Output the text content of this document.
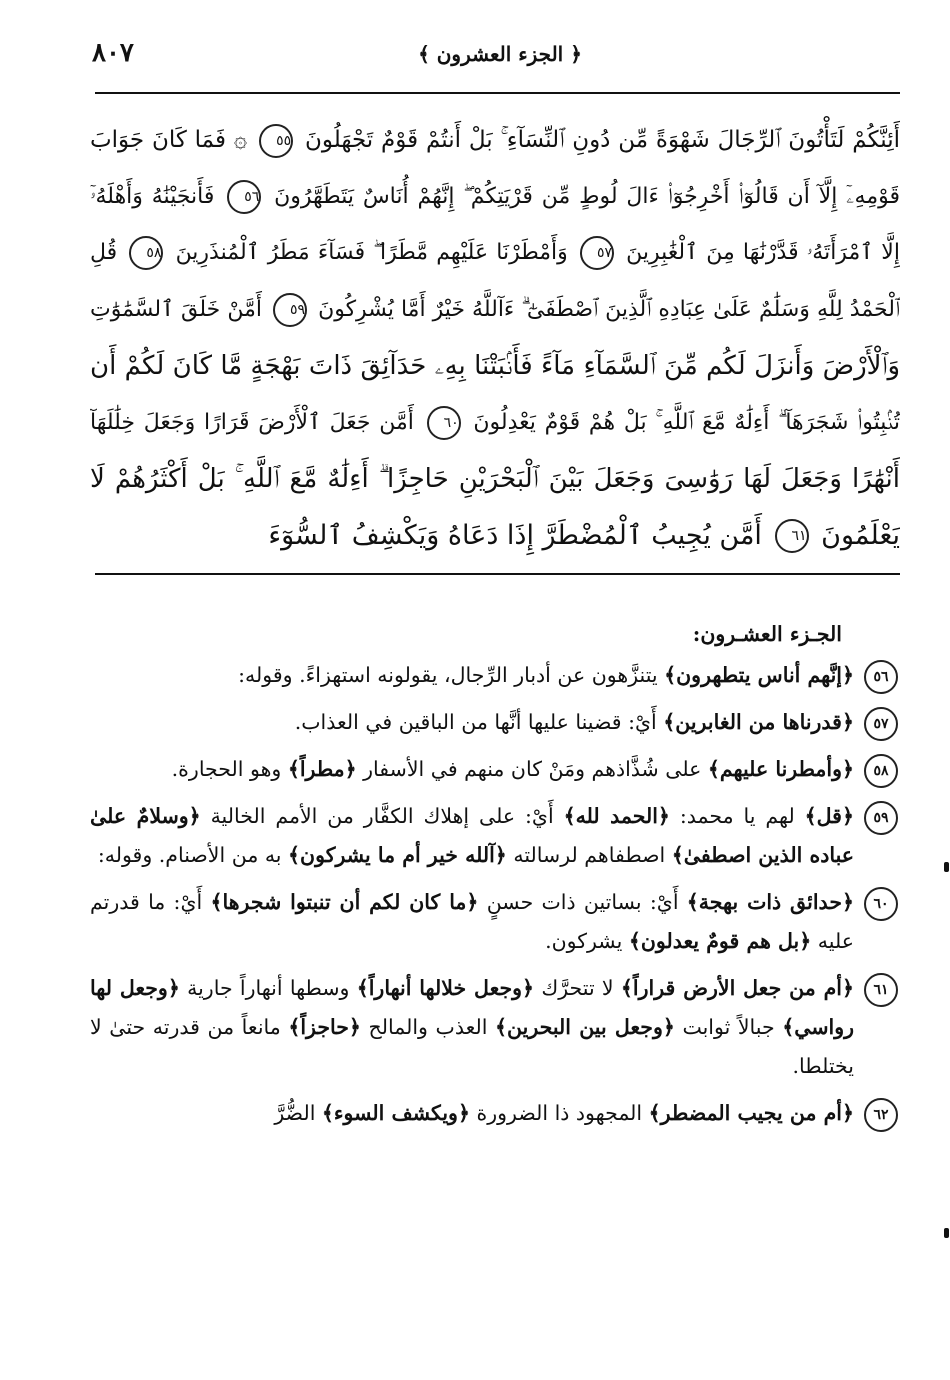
٨٠٧	﴿ الجزء العشرون ﴾
أَئِنَّكُمْ لَتَأْتُونَ ٱلرِّجَالَ شَهْوَةً مِّن دُونِ ٱلنِّسَآءِ ۚ بَلْ أَنتُمْ قَوْمٌ تَجْهَلُونَ ٥٥ ۞ فَمَا كَانَ جَوَابَ
قَوْمِهِۦٓ إِلَّآ أَن قَالُوٓا۟ أَخْرِجُوٓا۟ ءَالَ لُوطٍ مِّن قَرْيَتِكُمْ ۖ إِنَّهُمْ أُنَاسٌ يَتَطَهَّرُونَ ٥٦ فَأَنجَيْنَٰهُ وَأَهْلَهُۥٓ
إِلَّا ٱمْرَأَتَهُۥ قَدَّرْنَٰهَا مِنَ ٱلْغَٰبِرِينَ ٥٧ وَأَمْطَرْنَا عَلَيْهِم مَّطَرًا ۖ فَسَآءَ مَطَرُ ٱلْمُنذَرِينَ ٥٨ قُلِ
ٱلْحَمْدُ لِلَّهِ وَسَلَٰمٌ عَلَىٰ عِبَادِهِ ٱلَّذِينَ ٱصْطَفَىٰٓ ۗ ءَآللَّهُ خَيْرٌ أَمَّا يُشْرِكُونَ ٥٩ أَمَّنْ خَلَقَ ٱلسَّمَٰوَٰتِ
وَٱلْأَرْضَ وَأَنزَلَ لَكُم مِّنَ ٱلسَّمَآءِ مَآءً فَأَنۢبَتْنَا بِهِۦ حَدَآئِقَ ذَاتَ بَهْجَةٍ مَّا كَانَ لَكُمْ أَن
تُنۢبِتُوا۟ شَجَرَهَآ ۗ أَءِلَٰهٌ مَّعَ ٱللَّهِ ۚ بَلْ هُمْ قَوْمٌ يَعْدِلُونَ ٦٠ أَمَّن جَعَلَ ٱلْأَرْضَ قَرَارًا وَجَعَلَ خِلَٰلَهَآ
أَنْهَٰرًا وَجَعَلَ لَهَا رَوَٰسِىَ وَجَعَلَ بَيْنَ ٱلْبَحْرَيْنِ حَاجِزًا ۗ أَءِلَٰهٌ مَّعَ ٱللَّهِ ۚ بَلْ أَكْثَرُهُمْ لَا
يَعْلَمُونَ ٦١ أَمَّن يُجِيبُ ٱلْمُضْطَرَّ إِذَا دَعَاهُ وَيَكْشِفُ ٱلسُّوٓءَ
الجـزء العشـرون:
٥٦
﴿إنَّهم أناس يتطهرون﴾ يتنزَّهون عن أدبار الرِّجال، يقولونه استهزاءً. وقوله:
٥٧
﴿قدرناها من الغابرين﴾ أَيْ: قضينا عليها أنَّها من الباقين في العذاب.
٥٨
﴿وأمطرنا عليهم﴾ على شُذَّاذهم ومَنْ كان منهم في الأسفار ﴿مطراً﴾ وهو الحجارة.
٥٩
﴿قل﴾ لهم يا محمد: ﴿الحمد لله﴾ أَيْ: على إهلاك الكفَّار من الأمم الخالية ﴿وسلامٌ علىٰ عباده الذين اصطفىٰ﴾ اصطفاهم لرسالته ﴿آلله خير أم ما يشركون﴾ به من الأصنام. وقوله:
٦٠
﴿حدائق ذات بهجة﴾ أَيْ: بساتين ذات حسنٍ ﴿ما كان لكم أن تنبتوا شجرها﴾ أَيْ: ما قدرتم عليه ﴿بل هم قومٌ يعدلون﴾ يشركون.
٦١
﴿أم من جعل الأرض قراراً﴾ لا تتحرَّك ﴿وجعل خلالها أنهاراً﴾ وسطها أنهاراً جارية ﴿وجعل لها رواسي﴾ جبالاً ثوابت ﴿وجعل بين البحرين﴾ العذب والمالح ﴿حاجزاً﴾ مانعاً من قدرته حتىٰ لا يختلطا.
٦٢
﴿أم من يجيب المضطر﴾ المجهود ذا الضرورة ﴿ويكشف السوء﴾ الضُّرَّ
